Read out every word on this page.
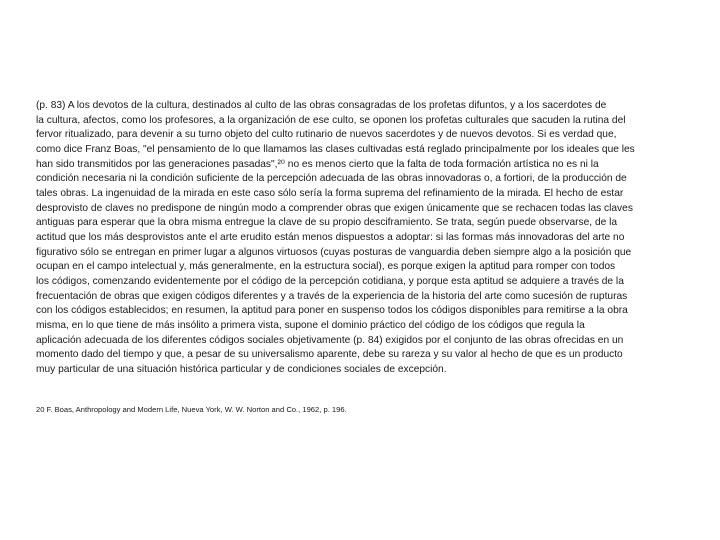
(p. 83) A los devotos de la cultura, destinados al culto de las obras consagradas de los profetas difuntos, y a los sacerdotes de
la cultura, afectos, como los profesores, a la organización de ese culto, se oponen los profetas culturales que sacuden la rutina del
fervor ritualizado, para devenir a su turno objeto del culto rutinario de nuevos sacerdotes y de nuevos devotos. Si es verdad que,
como dice Franz Boas, "el pensamiento de lo que llamamos las clases cultivadas está reglado principalmente por los ideales que les
han sido transmitidos por las generaciones pasadas",²⁰ no es menos cierto que la falta de toda formación artística no es ni la
condición necesaria ni la condición suficiente de la percepción adecuada de las obras innovadoras o, a fortiori, de la producción de
tales obras. La ingenuidad de la mirada en este caso sólo sería la forma suprema del refinamiento de la mirada. El hecho de estar
desprovisto de claves no predispone de ningún modo a comprender obras que exigen únicamente que se rechacen todas las claves
antiguas para esperar que la obra misma entregue la clave de su propio desciframiento. Se trata, según puede observarse, de la
actitud que los más desprovistos ante el arte erudito están menos dispuestos a adoptar: si las formas más innovadoras del arte no
figurativo sólo se entregan en primer lugar a algunos virtuosos (cuyas posturas de vanguardia deben siempre algo a la posición que
ocupan en el campo intelectual y, más generalmente, en la estructura social), es porque exigen la aptitud para romper con todos
los códigos, comenzando evidentemente por el código de la percepción cotidiana, y porque esta aptitud se adquiere a través de la
frecuentación de obras que exigen códigos diferentes y a través de la experiencia de la historia del arte como sucesión de rupturas
con los códigos establecidos; en resumen, la aptitud para poner en suspenso todos los códigos disponibles para remitirse a la obra
misma, en lo que tiene de más insólito a primera vista, supone el dominio práctico del código de los códigos que regula la
aplicación adecuada de los diferentes códigos sociales objetivamente (p. 84) exigidos por el conjunto de las obras ofrecidas en un
momento dado del tiempo y que, a pesar de su universalismo aparente, debe su rareza y su valor al hecho de que es un producto
muy particular de una situación histórica particular y de condiciones sociales de excepción.

20 F. Boas, Anthropology and Modern Life, Nueva York, W. W. Norton and Co., 1962, p. 196.
